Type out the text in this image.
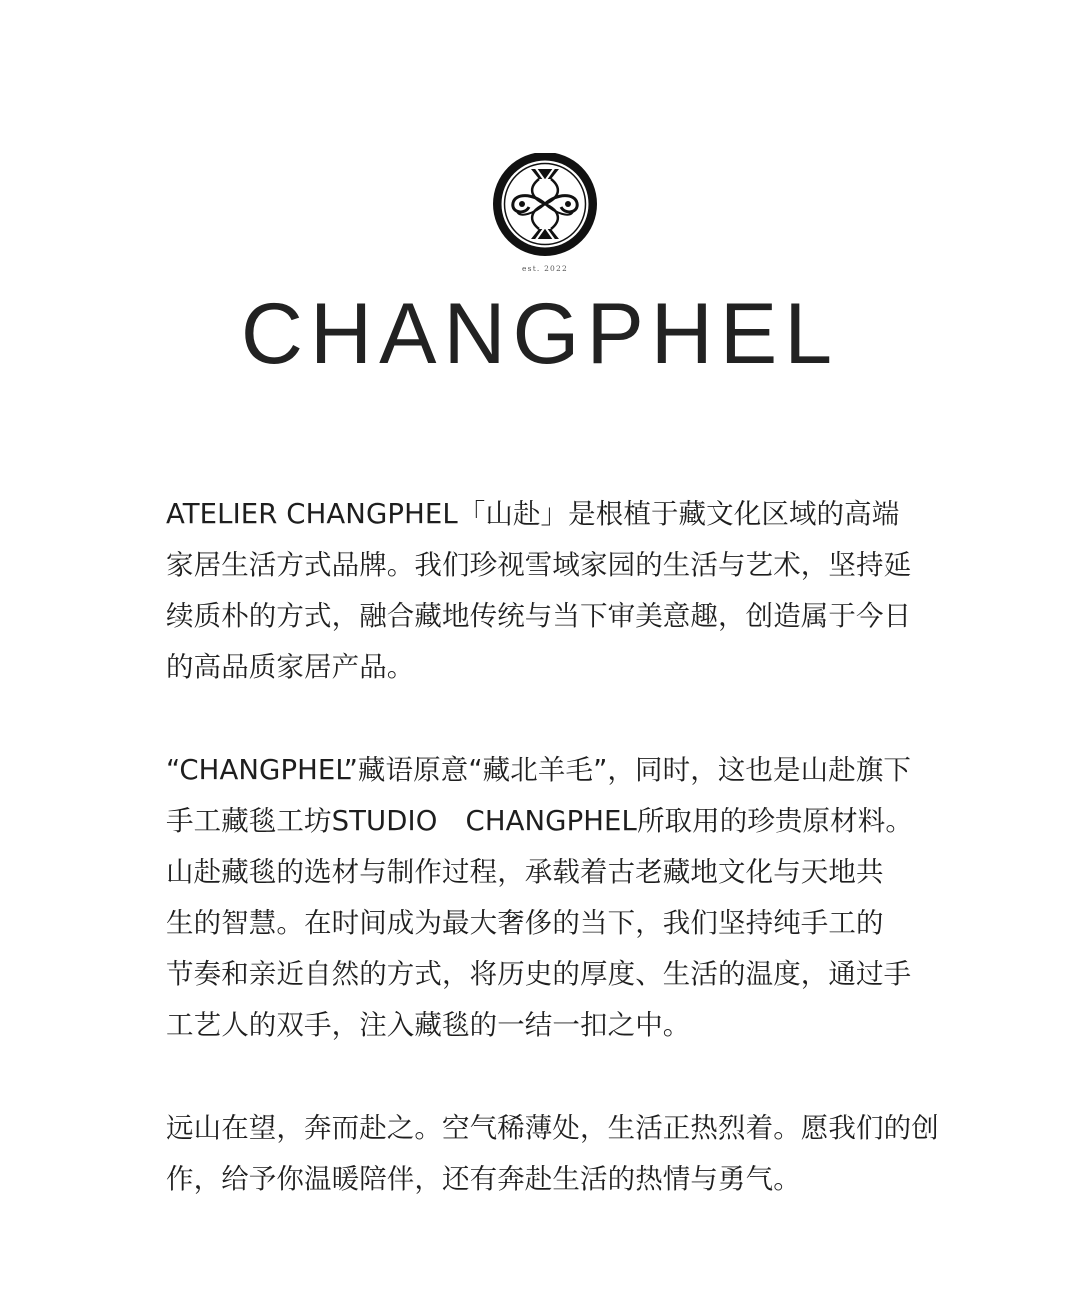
est. 2022
CHANGPHEL

ATELIER CHANGPHEL「山赴」是根植于藏文化区域的高端
家居生活方式品牌。我们珍视雪域家园的生活与艺术，坚持延
续质朴的方式，融合藏地传统与当下审美意趣，创造属于今日
的高品质家居产品。

“CHANGPHEL”藏语原意“藏北羊毛”，同时，这也是山赴旗下
手工藏毯工坊STUDIO CHANGPHEL所取用的珍贵原材料。
山赴藏毯的选材与制作过程，承载着古老藏地文化与天地共
生的智慧。在时间成为最大奢侈的当下，我们坚持纯手工的
节奏和亲近自然的方式，将历史的厚度、生活的温度，通过手
工艺人的双手，注入藏毯的一结一扣之中。

远山在望，奔而赴之。空气稀薄处，生活正热烈着。愿我们的创
作，给予你温暖陪伴，还有奔赴生活的热情与勇气。
